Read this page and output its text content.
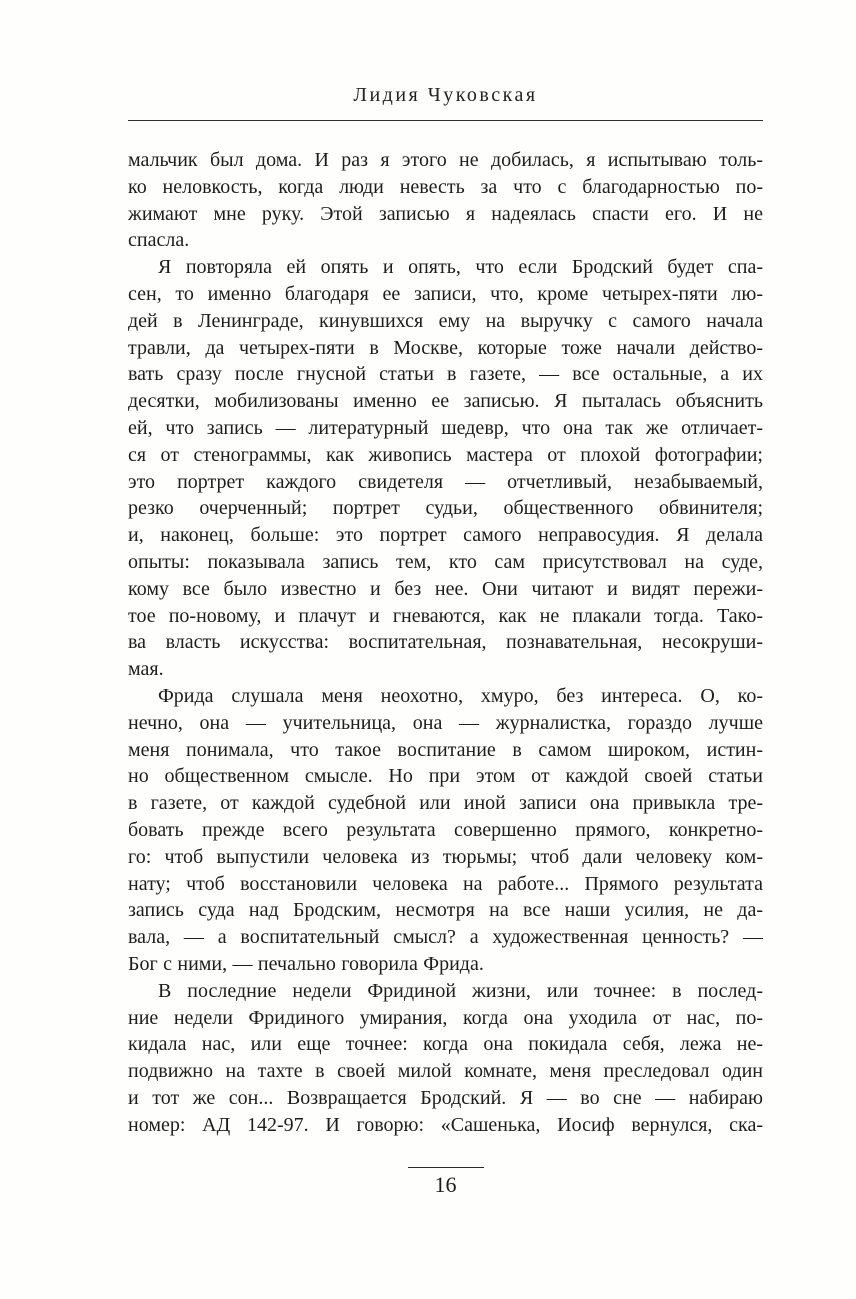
Лидия Чуковская
мальчик был дома. И раз я этого не добилась, я испытываю толь-
ко неловкость, когда люди невесть за что с благодарностью по-
жимают мне руку. Этой записью я надеялась спасти его. И не
спасла.
Я повторяла ей опять и опять, что если Бродский будет спа-
сен, то именно благодаря ее записи, что, кроме четырех-пяти лю-
дей в Ленинграде, кинувшихся ему на выручку с самого начала
травли, да четырех-пяти в Москве, которые тоже начали действо-
вать сразу после гнусной статьи в газете, — все остальные, а их
десятки, мобилизованы именно ее записью. Я пыталась объяснить
ей, что запись — литературный шедевр, что она так же отличает-
ся от стенограммы, как живопись мастера от плохой фотографии;
это портрет каждого свидетеля — отчетливый, незабываемый,
резко очерченный; портрет судьи, общественного обвинителя;
и, наконец, больше: это портрет самого неправосудия. Я делала
опыты: показывала запись тем, кто сам присутствовал на суде,
кому все было известно и без нее. Они читают и видят пережи-
тое по-новому, и плачут и гневаются, как не плакали тогда. Тако-
ва власть искусства: воспитательная, познавательная, несокруши-
мая.
Фрида слушала меня неохотно, хмуро, без интереса. О, ко-
нечно, она — учительница, она — журналистка, гораздо лучше
меня понимала, что такое воспитание в самом широком, истин-
но общественном смысле. Но при этом от каждой своей статьи
в газете, от каждой судебной или иной записи она привыкла тре-
бовать прежде всего результата совершенно прямого, конкретно-
го: чтоб выпустили человека из тюрьмы; чтоб дали человеку ком-
нату; чтоб восстановили человека на работе... Прямого результата
запись суда над Бродским, несмотря на все наши усилия, не да-
вала, — а воспитательный смысл? а художественная ценность? —
Бог с ними, — печально говорила Фрида.
В последние недели Фридиной жизни, или точнее: в послед-
ние недели Фридиного умирания, когда она уходила от нас, по-
кидала нас, или еще точнее: когда она покидала себя, лежа не-
подвижно на тахте в своей милой комнате, меня преследовал один
и тот же сон... Возвращается Бродский. Я — во сне — набираю
номер: АД 142-97. И говорю: «Сашенька, Иосиф вернулся, ска-
16
